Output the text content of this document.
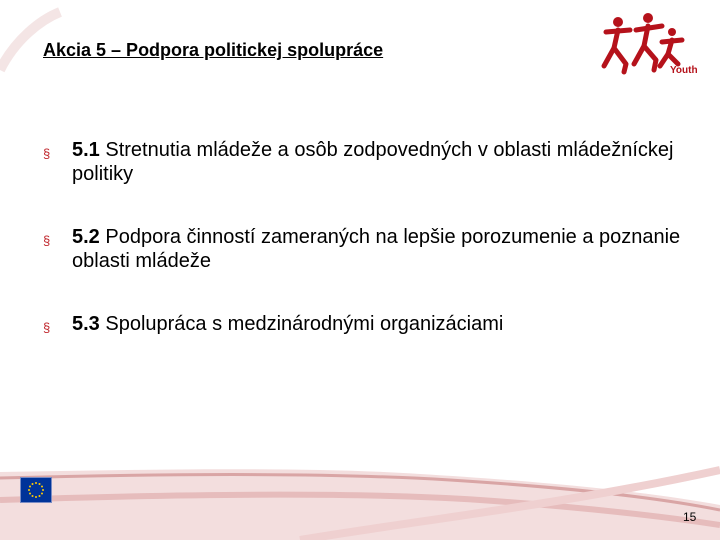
Akcia 5 – Podpora politickej spolupráce
Youth
§ 5.1 Stretnutia mládeže a osôb zodpovedných v oblasti mládežníckej politiky
§ 5.2 Podpora činností zameraných na lepšie porozumenie a poznanie oblasti mládeže
§ 5.3 Spolupráca s medzinárodnými organizáciami
15
